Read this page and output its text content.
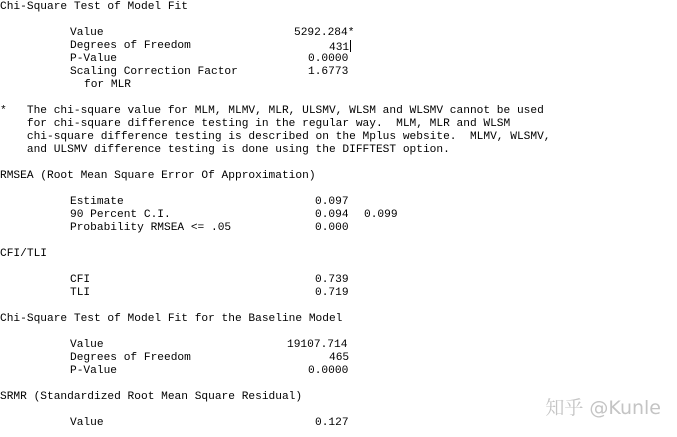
Chi-Square Test of Model Fit
Value	5292.284*
Degrees of Freedom	431
P-Value	0.0000
Scaling Correction Factor	1.6773
for MLR
*   The chi-square value for MLM, MLMV, MLR, ULSMV, WLSM and WLSMV cannot be used
for chi-square difference testing in the regular way.  MLM, MLR and WLSM
chi-square difference testing is described on the Mplus website.  MLMV, WLSMV,
and ULSMV difference testing is done using the DIFFTEST option.
RMSEA (Root Mean Square Error Of Approximation)
Estimate	0.097
90 Percent C.I.	0.094 0.099
Probability RMSEA <= .05	0.000
CFI/TLI
CFI	0.739
TLI	0.719
Chi-Square Test of Model Fit for the Baseline Model
Value	19107.714
Degrees of Freedom	465
P-Value	0.0000
SRMR (Standardized Root Mean Square Residual)
Value	0.127
知乎 @Kunle
